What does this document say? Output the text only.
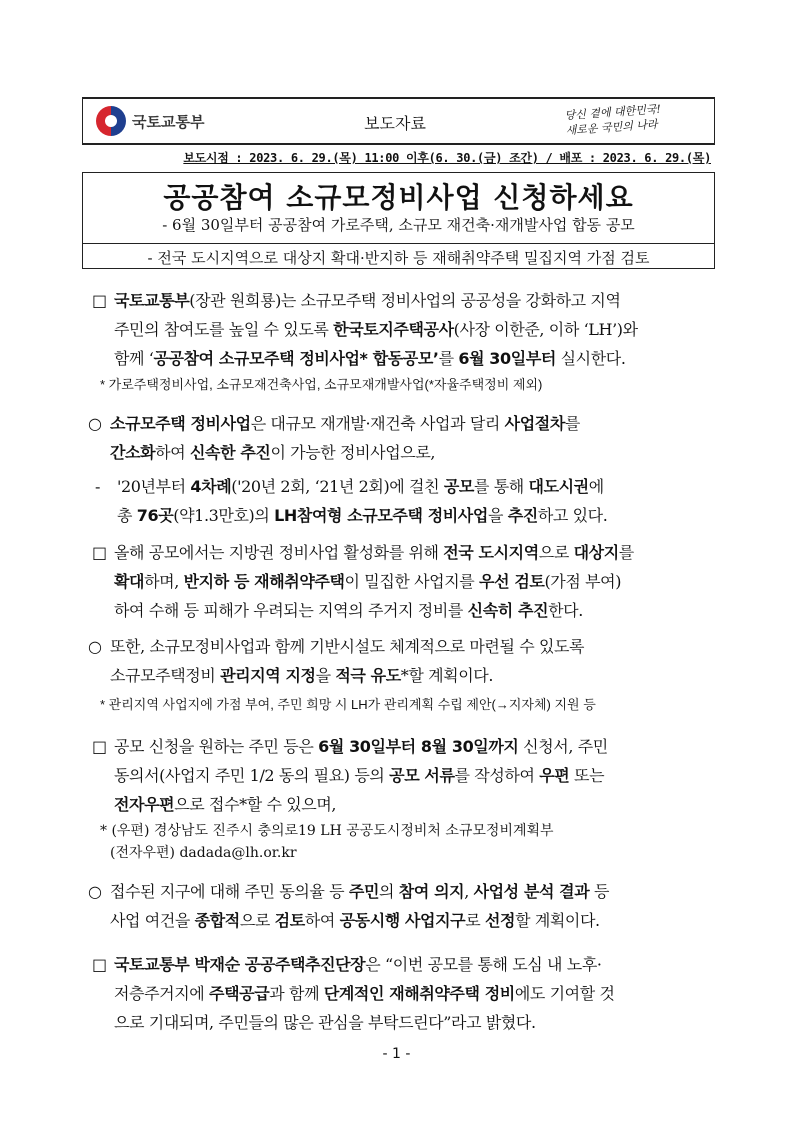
국토교통부	보도자료
당신 곁에 대한민국!
새로운 국민의 나라
보도시점 : 2023. 6. 29.(목) 11:00 이후(6. 30.(금) 조간) / 배포 : 2023. 6. 29.(목)
공공참여 소규모정비사업 신청하세요
- 6월 30일부터 공공참여 가로주택, 소규모 재건축·재개발사업 합동 공모
- 전국 도시지역으로 대상지 확대·반지하 등 재해취약주택 밀집지역 가점 검토
□ 국토교통부(장관 원희룡)는 소규모주택 정비사업의 공공성을 강화하고 지역
주민의 참여도를 높일 수 있도록 한국토지주택공사(사장 이한준, 이하 ‘LH’)와
함께 ‘공공참여 소규모주택 정비사업* 합동공모’를 6월 30일부터 실시한다.
* 가로주택정비사업, 소규모재건축사업, 소규모재개발사업(*자율주택정비 제외)
○ 소규모주택 정비사업은 대규모 재개발·재건축 사업과 달리 사업절차를
간소화하여 신속한 추진이 가능한 정비사업으로,
- '20년부터 4차례('20년 2회, ‘21년 2회)에 걸친 공모를 통해 대도시권에
총 76곳(약1.3만호)의 LH참여형 소규모주택 정비사업을 추진하고 있다.
□ 올해 공모에서는 지방권 정비사업 활성화를 위해 전국 도시지역으로 대상지를
확대하며, 반지하 등 재해취약주택이 밀집한 사업지를 우선 검토(가점 부여)
하여 수해 등 피해가 우려되는 지역의 주거지 정비를 신속히 추진한다.
○ 또한, 소규모정비사업과 함께 기반시설도 체계적으로 마련될 수 있도록
소규모주택정비 관리지역 지정을 적극 유도*할 계획이다.
* 관리지역 사업지에 가점 부여, 주민 희망 시 LH가 관리계획 수립 제안(→지자체) 지원 등
□ 공모 신청을 원하는 주민 등은 6월 30일부터 8월 30일까지 신청서, 주민
동의서(사업지 주민 1/2 동의 필요) 등의 공모 서류를 작성하여 우편 또는
전자우편으로 접수*할 수 있으며,
* (우편) 경상남도 진주시 충의로19 LH 공공도시정비처 소규모정비계획부
(전자우편) dadada@lh.or.kr
○ 접수된 지구에 대해 주민 동의율 등 주민의 참여 의지, 사업성 분석 결과 등
사업 여건을 종합적으로 검토하여 공동시행 사업지구로 선정할 계획이다.
□ 국토교통부 박재순 공공주택추진단장은 “이번 공모를 통해 도심 내 노후·
저층주거지에 주택공급과 함께 단계적인 재해취약주택 정비에도 기여할 것
으로 기대되며, 주민들의 많은 관심을 부탁드린다”라고 밝혔다.
- 1 -
